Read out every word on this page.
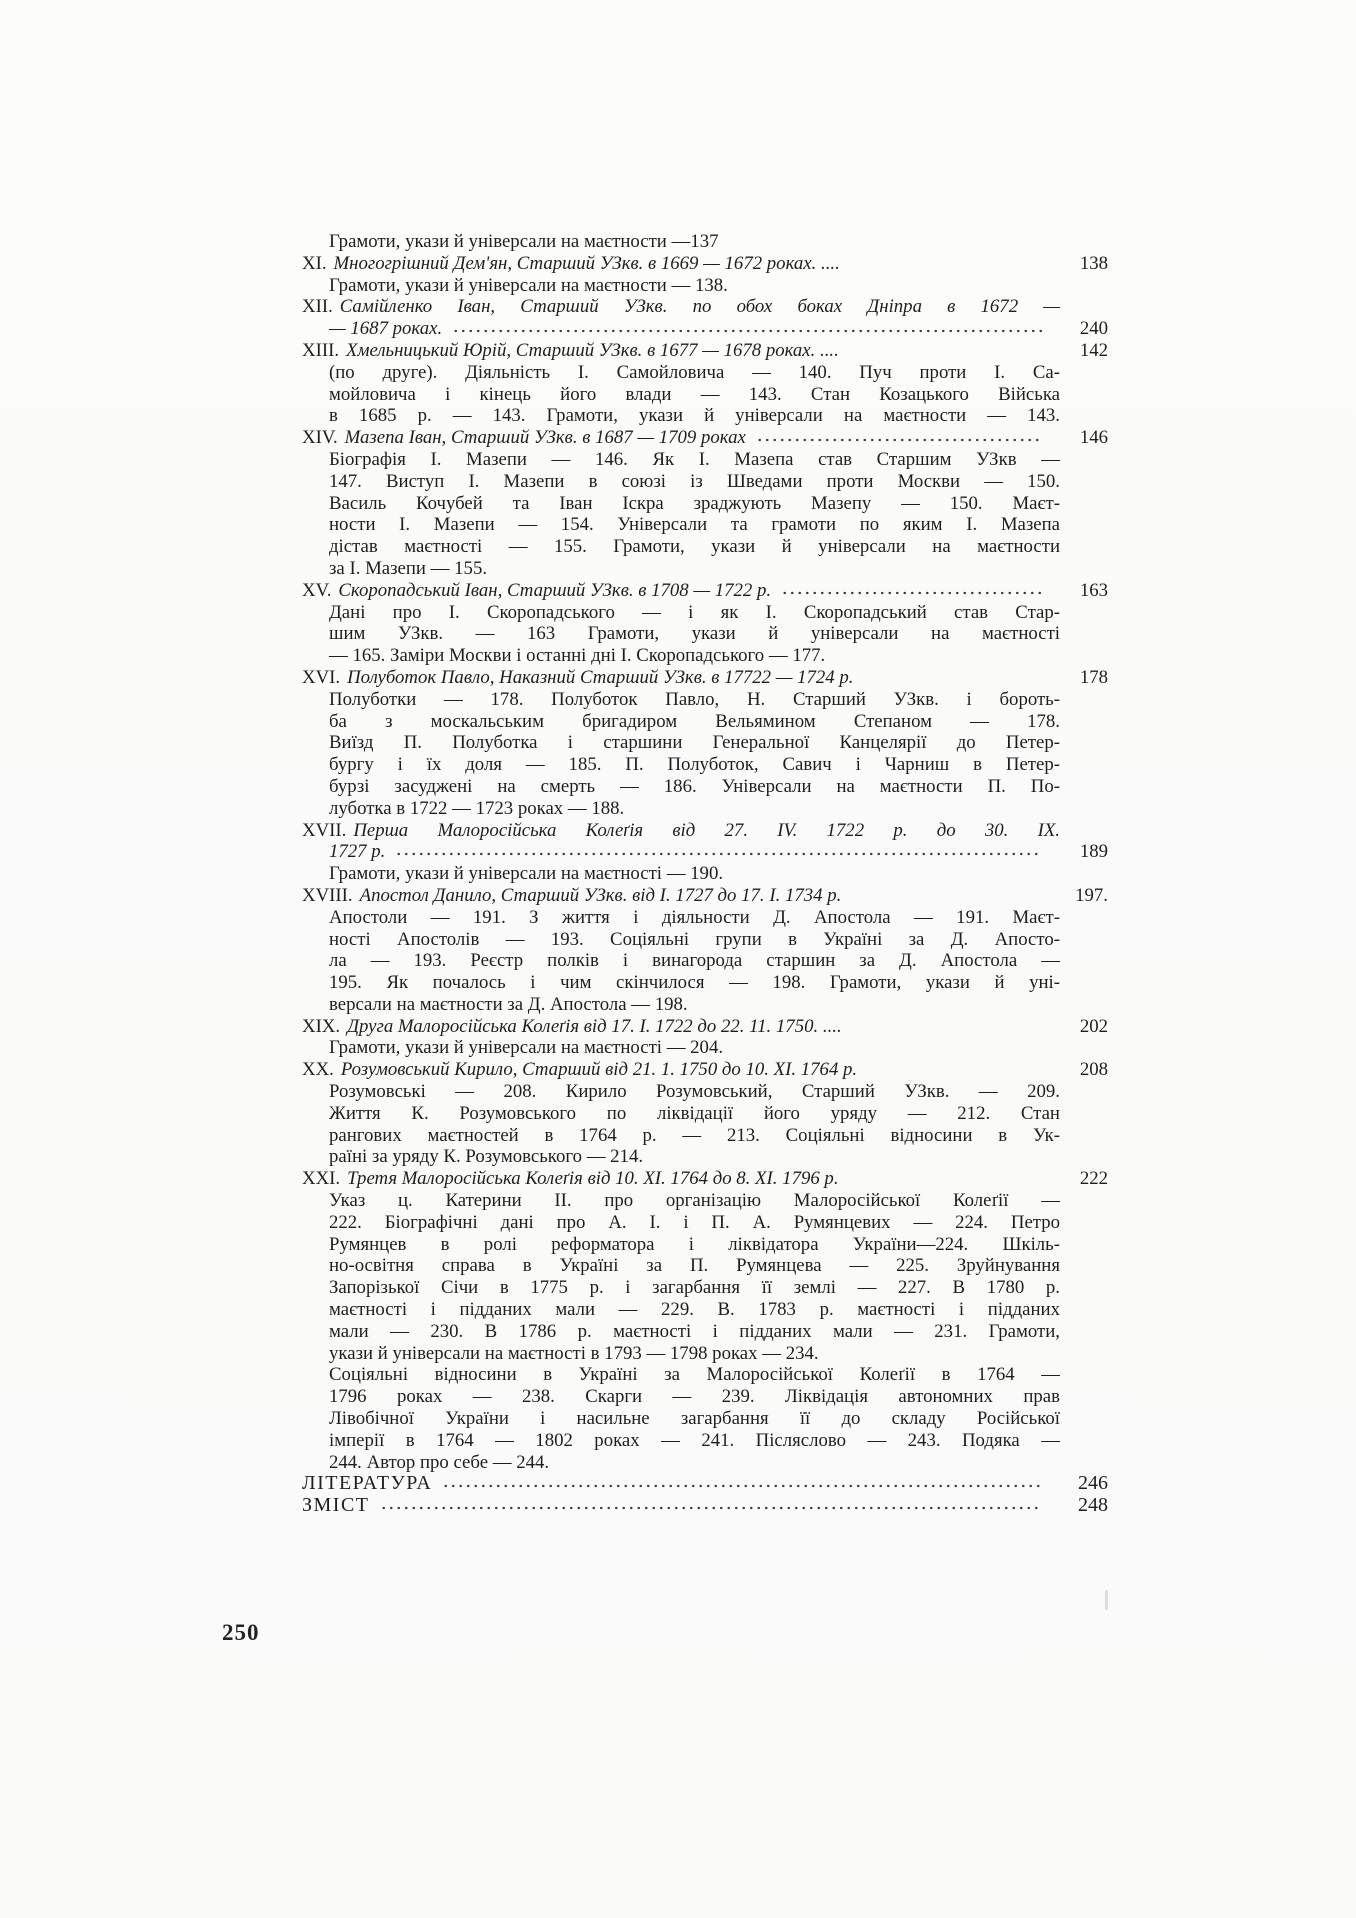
Грамоти, укази й універсали на маєтности —137
XI. Многогрішний Дем'ян, Старший УЗкв. в 1669 — 1672 роках. ....	138
Грамоти, укази й універсали на маєтности — 138.
XII. Самійленко Іван, Старший УЗкв. по обох боках Дніпра в 1672 —
— 1687 роках.	240
XIII. Хмельницький Юрій, Старший УЗкв. в 1677 — 1678 роках. ....	142
(по друге). Діяльність І. Самойловича — 140. Пуч проти І. Са-
мойловича і кінець його влади — 143. Стан Козацького Війська
в 1685 р. — 143. Грамоти, укази й універсали на маєтности — 143.
XIV. Мазепа Іван, Старший УЗкв. в 1687 — 1709 роках	146
Біографія І. Мазепи — 146. Як І. Мазепа став Старшим УЗкв —
147. Виступ І. Мазепи в союзі із Шведами проти Москви — 150.
Василь Кочубей та Іван Іскра зраджують Мазепу — 150. Маєт-
ности І. Мазепи — 154. Універсали та грамоти по яким І. Мазепа
дістав маєтності — 155. Грамоти, укази й універсали на маєтности
за І. Мазепи — 155.
XV. Скоропадський Іван, Старший УЗкв. в 1708 — 1722 р.	163
Дані про І. Скоропадського — і як І. Скоропадський став Стар-
шим УЗкв. — 163 Грамоти, укази й універсали на маєтності
— 165. Заміри Москви і останні дні І. Скоропадського — 177.
XVI. Полуботок Павло, Наказний Старший УЗкв. в 17722 — 1724 р.	178
Полуботки — 178. Полуботок Павло, Н. Старший УЗкв. і бороть-
ба з москальським бригадиром Вельямином Степаном — 178.
Виїзд П. Полуботка і старшини Генеральної Канцелярії до Петер-
бургу і їх доля — 185. П. Полуботок, Савич і Чарниш в Петер-
бурзі засуджені на смерть — 186. Універсали на маєтности П. По-
луботка в 1722 — 1723 роках — 188.
XVII. Перша Малоросійська Колеґія від 27. IV. 1722 р. до 30. IX.
1727 р.	189
Грамоти, укази й універсали на маєтності — 190.
XVIII. Апостол Данило, Старший УЗкв. від I. 1727 до 17. I. 1734 р.	197.
Апостоли — 191. З життя і діяльности Д. Апостола — 191. Маєт-
ності Апостолів — 193. Соціяльні групи в Україні за Д. Апосто-
ла — 193. Реєстр полків і винагорода старшин за Д. Апостола —
195. Як почалось і чим скінчилося — 198. Грамоти, укази й уні-
версали на маєтности за Д. Апостола — 198.
XIX. Друга Малоросійська Колеґія від 17. I. 1722 до 22. 11. 1750. ....	202
Грамоти, укази й універсали на маєтності — 204.
XX. Розумовський Кирило, Старший від 21. 1. 1750 до 10. XI. 1764 р.	208
Розумовські — 208. Кирило Розумовський, Старший УЗкв. — 209.
Життя К. Розумовського по ліквідації його уряду — 212. Стан
рангових маєтностей в 1764 р. — 213. Соціяльні відносини в Ук-
раїні за уряду К. Розумовського — 214.
XXI. Третя Малоросійська Колеґія від 10. XI. 1764 до 8. XI. 1796 р.	222
Указ ц. Катерини II. про організацію Малоросійської Колеґії —
222. Біографічні дані про А. І. і П. А. Румянцевих — 224. Петро
Румянцев в ролі реформатора і ліквідатора України—224. Шкіль-
но-освітня справа в Україні за П. Румянцева — 225. Зруйнування
Запорізької Січи в 1775 р. і загарбання її землі — 227. В 1780 р.
маєтності і підданих мали — 229. В. 1783 р. маєтності і підданих
мали — 230. В 1786 р. маєтності і підданих мали — 231. Грамоти,
укази й універсали на маєтності в 1793 — 1798 роках — 234.
Соціяльні відносини в Україні за Малоросійської Колеґії в 1764 —
1796 роках — 238. Скарги — 239. Ліквідація автономних прав
Лівобічної України і насильне загарбання її до складу Російської
імперії в 1764 — 1802 роках — 241. Післяслово — 243. Подяка —
244. Автор про себе — 244.
ЛІТЕРАТУРА	246
ЗМІСТ	248
250
